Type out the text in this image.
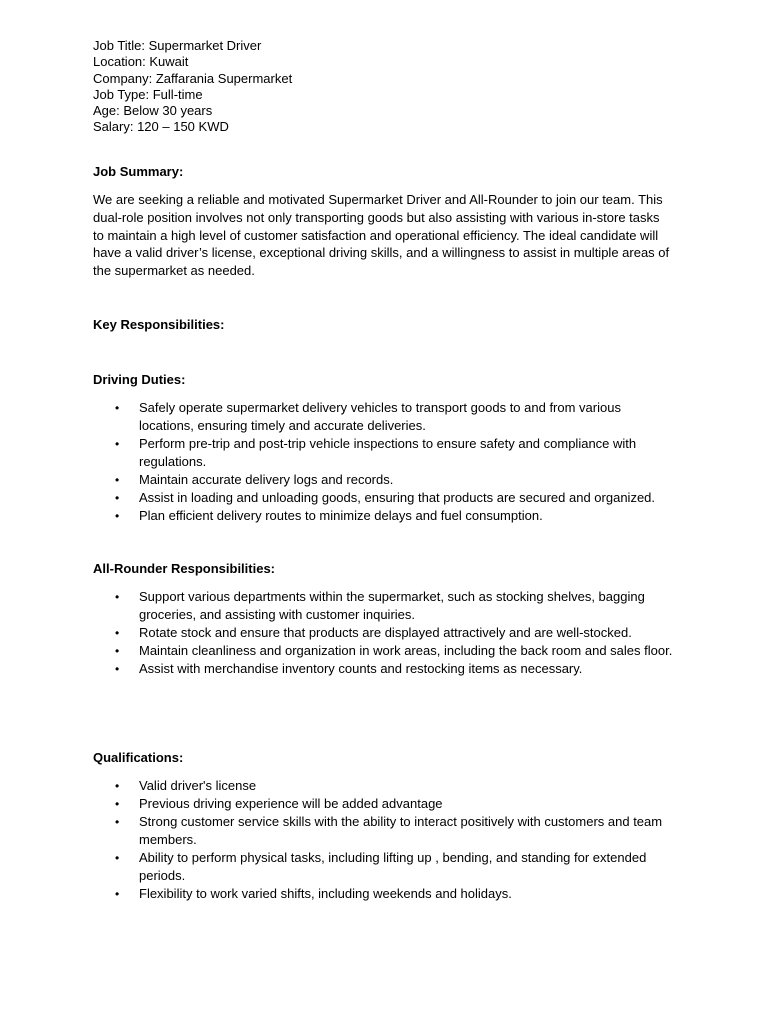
Job Title: Supermarket Driver
Location: Kuwait
Company: Zaffarania Supermarket
Job Type: Full-time
Age: Below 30 years
Salary: 120 – 150 KWD
Job Summary:
We are seeking a reliable and motivated Supermarket Driver and All-Rounder to join our team. This
dual-role position involves not only transporting goods but also assisting with various in-store tasks
to maintain a high level of customer satisfaction and operational efficiency. The ideal candidate will
have a valid driver’s license, exceptional driving skills, and a willingness to assist in multiple areas of
the supermarket as needed.
Key Responsibilities:
Driving Duties:
• Safely operate supermarket delivery vehicles to transport goods to and from various
locations, ensuring timely and accurate deliveries.
• Perform pre-trip and post-trip vehicle inspections to ensure safety and compliance with
regulations.
• Maintain accurate delivery logs and records.
• Assist in loading and unloading goods, ensuring that products are secured and organized.
• Plan efficient delivery routes to minimize delays and fuel consumption.
All-Rounder Responsibilities:
• Support various departments within the supermarket, such as stocking shelves, bagging
groceries, and assisting with customer inquiries.
• Rotate stock and ensure that products are displayed attractively and are well-stocked.
• Maintain cleanliness and organization in work areas, including the back room and sales floor.
• Assist with merchandise inventory counts and restocking items as necessary.
Qualifications:
• Valid driver's license
• Previous driving experience will be added advantage
• Strong customer service skills with the ability to interact positively with customers and team
members.
• Ability to perform physical tasks, including lifting up , bending, and standing for extended
periods.
• Flexibility to work varied shifts, including weekends and holidays.
